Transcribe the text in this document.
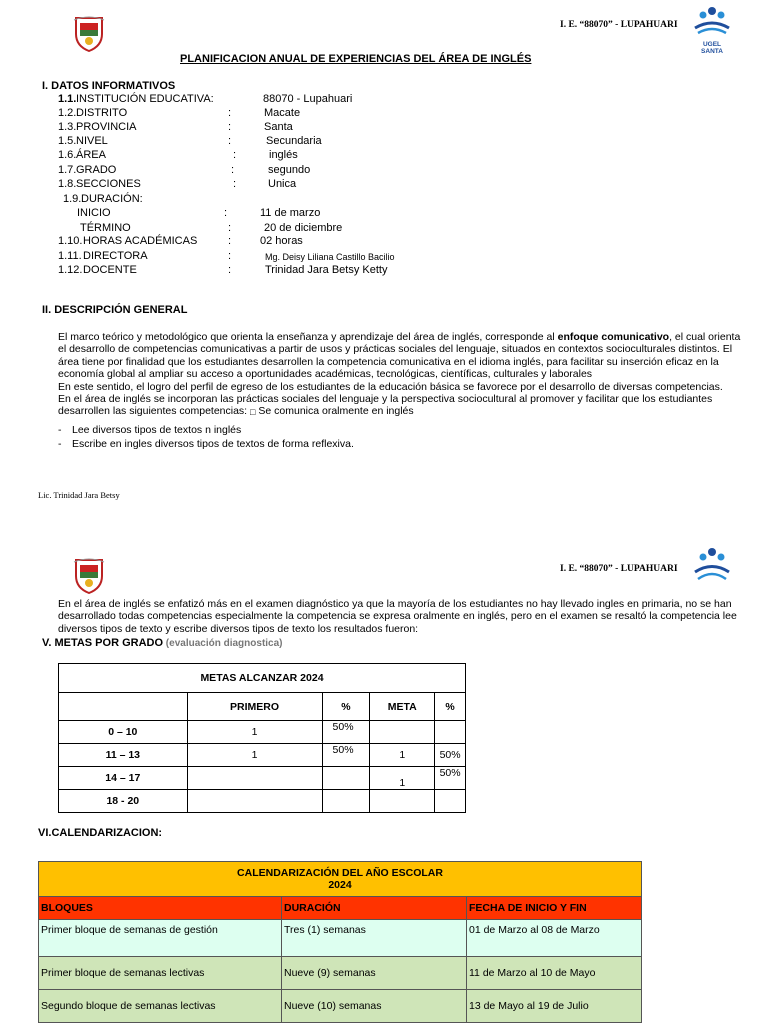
I. E. “88070” - LUPAHUARI
UGEL SANTA
PLANIFICACION ANUAL DE EXPERIENCIAS DEL ÁREA DE INGLÉS
I. DATOS INFORMATIVOS
1.1. INSTITUCIÓN EDUCATIVA:	88070 - Lupahuari
1.2. DISTRITO	:	Macate
1.3. PROVINCIA	:	Santa
1.5. NIVEL	:	Secundaria
1.6. ÁREA	:	inglés
1.7. GRADO	:	segundo
1.8. SECCIONES	:	Unica
1.9. DURACIÓN:
INICIO	:	11 de marzo
TÉRMINO	:	20 de diciembre
1.10. HORAS ACADÉMICAS	:	02 horas
1.11. DIRECTORA	:	Mg. Deisy Liliana Castillo Bacilio
1.12. DOCENTE	:	Trinidad Jara Betsy Ketty
II. DESCRIPCIÓN GENERAL

El marco teórico y metodológico que orienta la enseñanza y aprendizaje del área de inglés, corresponde al enfoque comunicativo, el cual orienta el desarrollo de competencias comunicativas a partir de usos y prácticas sociales del lenguaje, situados en contextos socioculturales distintos. El área tiene por finalidad que los estudiantes desarrollen la competencia comunicativa en el idioma inglés, para facilitar su inserción eficaz en la economía global al ampliar su acceso a oportunidades académicas, tecnológicas, científicas, culturales y laborales

En este sentido, el logro del perfil de egreso de los estudiantes de la educación básica se favorece por el desarrollo de diversas competencias.

En el área de inglés se incorporan las prácticas sociales del lenguaje y la perspectiva sociocultural al promover y facilitar que los estudiantes desarrollen las siguientes competencias: □ Se comunica oralmente en inglés

- Lee diversos tipos de textos n inglés
- Escribe en ingles diversos tipos de textos de forma reflexiva.
Lic. Trinidad Jara Betsy
I. E. “88070” - LUPAHUARI
En el área de inglés se enfatizó más en el examen diagnóstico ya que la mayoría de los estudiantes no hay llevado ingles en primaria, no se han desarrollado todas competencias especialmente la competencia se expresa oralmente en inglés, pero en el examen se resaltó la competencia lee diversos tipos de texto y escribe diversos tipos de texto los resultados fueron:
V. METAS POR GRADO (evaluación diagnostica)
METAS ALCANZAR 2024				
	PRIMERO	%	META	%
0 – 10	1	50%		
11 – 13	1	50%	1	50%
14 – 17			1	50%
18 - 20				
VI.CALENDARIZACION:
CALENDARIZACIÓN DEL AÑO ESCOLAR
2024		

BLOQUES	DURACIÓN	FECHA DE INICIO Y FIN
Primer bloque de semanas de gestión	Tres (1) semanas	01 de Marzo al 08 de Marzo
Primer bloque de semanas lectivas	Nueve (9) semanas	11 de Marzo al 10 de Mayo
Segundo bloque de semanas lectivas	Nueve (10) semanas	13 de Mayo al 19 de Julio
